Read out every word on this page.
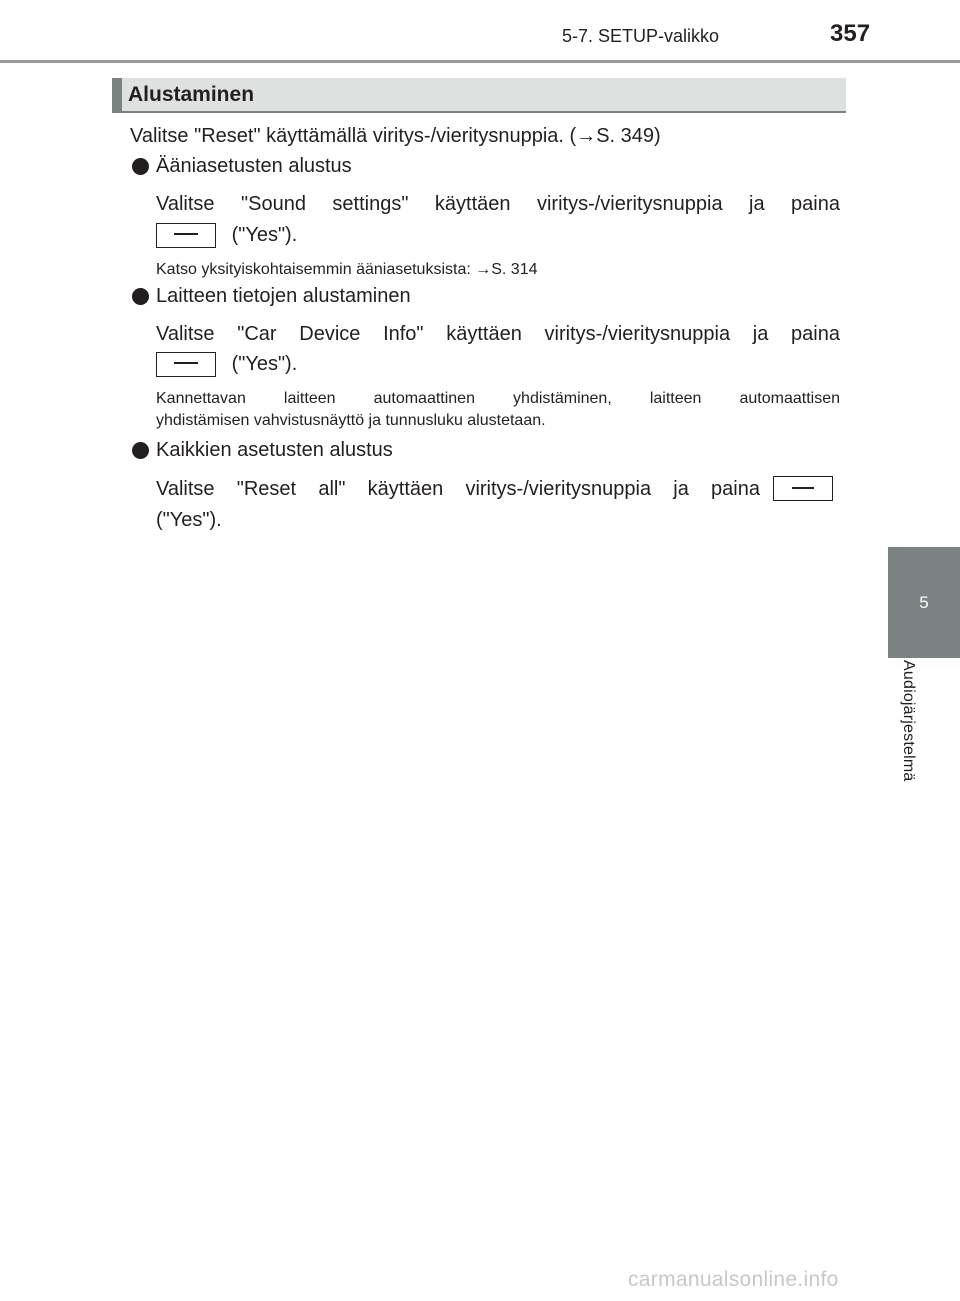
5-7. SETUP-valikko	357
5
Audiojärjestelmä
Alustaminen
Valitse "Reset" käyttämällä viritys-/vieritysnuppia. (→S. 349)
Ääniasetusten alustus
Valitse "Sound settings" käyttäen viritys-/vieritysnuppia ja paina
("Yes").
Katso yksityiskohtaisemmin ääniasetuksista: →S. 314
Laitteen tietojen alustaminen
Valitse "Car Device Info" käyttäen viritys-/vieritysnuppia ja paina
("Yes").
Kannettavan laitteen automaattinen yhdistäminen, laitteen automaattisen
yhdistämisen vahvistusnäyttö ja tunnusluku alustetaan.
Kaikkien asetusten alustus
Valitse "Reset all" käyttäen viritys-/vieritysnuppia ja paina
("Yes").
carmanualsonline.info
